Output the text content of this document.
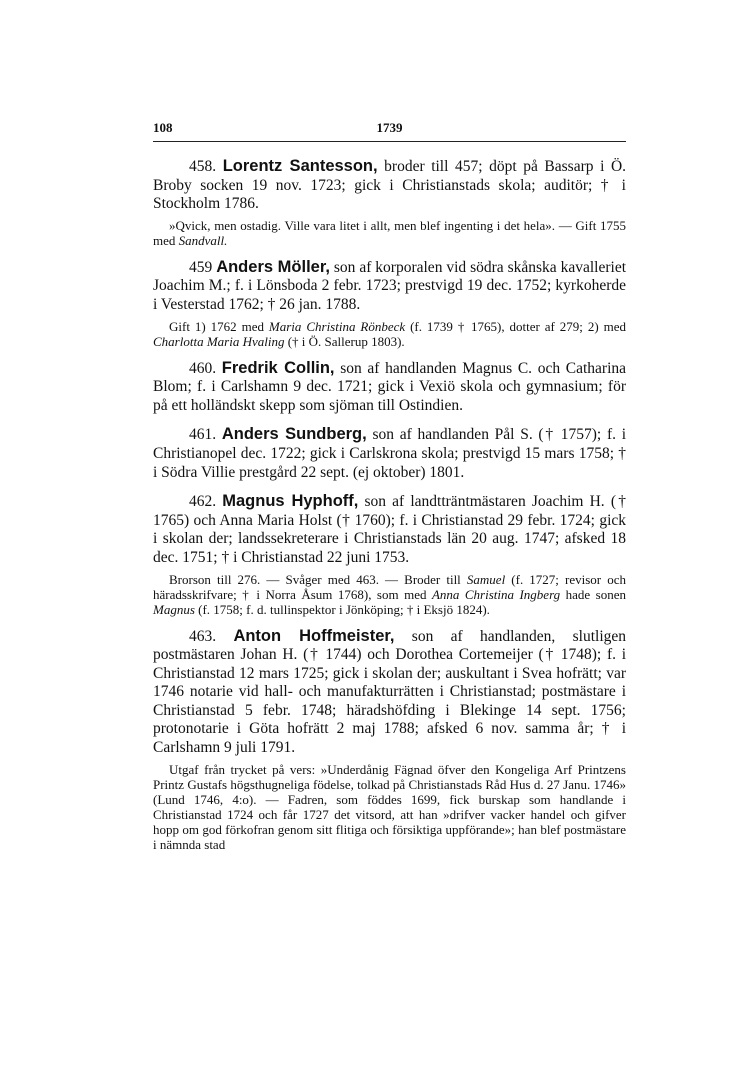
108	1739

458. Lorentz Santesson, broder till 457; döpt på Bassarp i Ö. Broby socken 19 nov. 1723; gick i Christianstads skola; auditör; † i Stockholm 1786.

»Qvick, men ostadig. Ville vara litet i allt, men blef ingenting i det hela». — Gift 1755 med Sandvall.

459 Anders Möller, son af korporalen vid södra skånska kavalleriet Joachim M.; f. i Lönsboda 2 febr. 1723; prestvigd 19 dec. 1752; kyrkoherde i Vesterstad 1762; † 26 jan. 1788.

Gift 1) 1762 med Maria Christina Rönbeck (f. 1739 † 1765), dotter af 279; 2) med Charlotta Maria Hvaling († i Ö. Sallerup 1803).

460. Fredrik Collin, son af handlanden Magnus C. och Catharina Blom; f. i Carlshamn 9 dec. 1721; gick i Vexiö skola och gymnasium; för på ett holländskt skepp som sjöman till Ostindien.

461. Anders Sundberg, son af handlanden Pål S. († 1757); f. i Christianopel dec. 1722; gick i Carlskrona skola; prestvigd 15 mars 1758; † i Södra Villie prestgård 22 sept. (ej oktober) 1801.

462. Magnus Hyphoff, son af landtträntmästaren Joachim H. († 1765) och Anna Maria Holst († 1760); f. i Christianstad 29 febr. 1724; gick i skolan der; landssekreterare i Christianstads län 20 aug. 1747; afsked 18 dec. 1751; † i Christianstad 22 juni 1753.

Brorson till 276. — Svåger med 463. — Broder till Samuel (f. 1727; revisor och häradsskrifvare; † i Norra Åsum 1768), som med Anna Christina Ingberg hade sonen Magnus (f. 1758; f. d. tullinspektor i Jönköping; † i Eksjö 1824).

463. Anton Hoffmeister, son af handlanden, slutligen postmästaren Johan H. († 1744) och Dorothea Cortemeijer († 1748); f. i Christianstad 12 mars 1725; gick i skolan der; auskultant i Svea hofrätt; var 1746 notarie vid hall- och manufakturrätten i Christianstad; postmästare i Christianstad 5 febr. 1748; häradshöfding i Blekinge 14 sept. 1756; protonotarie i Göta hofrätt 2 maj 1788; afsked 6 nov. samma år; † i Carlshamn 9 juli 1791.

Utgaf från trycket på vers: »Underdånig Fägnad öfver den Kongeliga Arf Printzens Printz Gustafs högsthugneliga födelse, tolkad på Christianstads Råd Hus d. 27 Janu. 1746» (Lund 1746, 4:o). — Fadren, som föddes 1699, fick burskap som handlande i Christianstad 1724 och får 1727 det vitsord, att han »drifver vacker handel och gifver hopp om god förkofran genom sitt flitiga och försiktiga uppförande»; han blef postmästare i nämnda stad
